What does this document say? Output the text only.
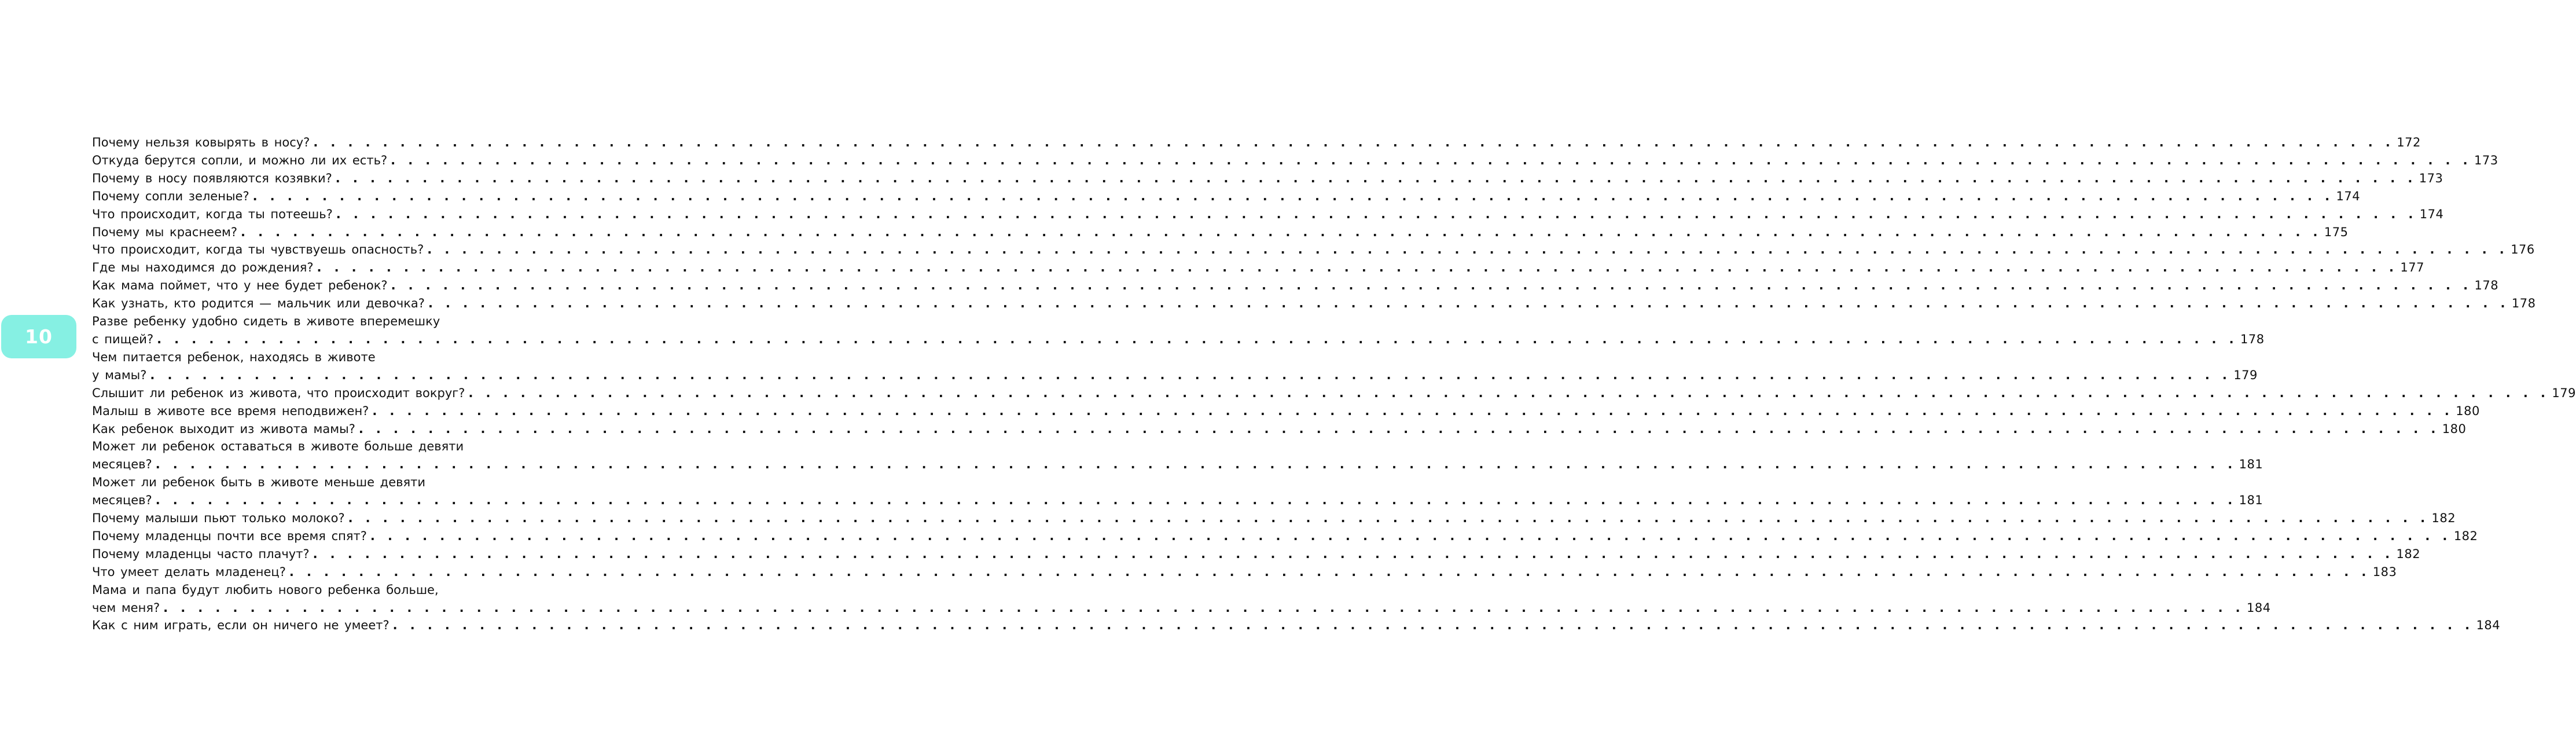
10
Почему нельзя ковырять в носу? . . . . . . . . . . . . . . . . . . . . . . . . . . . . . . . . . . . . . . . . . . . . . . . . . . . . . . . . . . . . . . . . . . . . . . . . . . . . . . . . . . . . . . . . . . . . . . . . . . . . . . . . . . . . . . . . . . . . . . . . 172
Откуда берутся сопли, и можно ли их есть? . . . . . . . . . . . . . . . . . . . . . . . . . . . . . . . . . . . . . . . . . . . . . . . . . . . . . . . . . . . . . . . . . . . . . . . . . . . . . . . . . . . . . . . . . . . . . . . . . . . . . . . . . . . . . . . . . . . . . . . . 173
Почему в носу появляются козявки? . . . . . . . . . . . . . . . . . . . . . . . . . . . . . . . . . . . . . . . . . . . . . . . . . . . . . . . . . . . . . . . . . . . . . . . . . . . . . . . . . . . . . . . . . . . . . . . . . . . . . . . . . . . . . . . . . . . . . . . . 173
Почему сопли зеленые? . . . . . . . . . . . . . . . . . . . . . . . . . . . . . . . . . . . . . . . . . . . . . . . . . . . . . . . . . . . . . . . . . . . . . . . . . . . . . . . . . . . . . . . . . . . . . . . . . . . . . . . . . . . . . . . . . . . . . . . . 174
Что происходит, когда ты потеешь? . . . . . . . . . . . . . . . . . . . . . . . . . . . . . . . . . . . . . . . . . . . . . . . . . . . . . . . . . . . . . . . . . . . . . . . . . . . . . . . . . . . . . . . . . . . . . . . . . . . . . . . . . . . . . . . . . . . . . . . . 174
Почему мы краснеем? . . . . . . . . . . . . . . . . . . . . . . . . . . . . . . . . . . . . . . . . . . . . . . . . . . . . . . . . . . . . . . . . . . . . . . . . . . . . . . . . . . . . . . . . . . . . . . . . . . . . . . . . . . . . . . . . . . . . . . . . 175
Что происходит, когда ты чувствуешь опасность? . . . . . . . . . . . . . . . . . . . . . . . . . . . . . . . . . . . . . . . . . . . . . . . . . . . . . . . . . . . . . . . . . . . . . . . . . . . . . . . . . . . . . . . . . . . . . . . . . . . . . . . . . . . . . . . . . . . . . . . . 176
Где мы находимся до рождения? . . . . . . . . . . . . . . . . . . . . . . . . . . . . . . . . . . . . . . . . . . . . . . . . . . . . . . . . . . . . . . . . . . . . . . . . . . . . . . . . . . . . . . . . . . . . . . . . . . . . . . . . . . . . . . . . . . . . . . . . 177
Как мама поймет, что у нее будет ребенок? . . . . . . . . . . . . . . . . . . . . . . . . . . . . . . . . . . . . . . . . . . . . . . . . . . . . . . . . . . . . . . . . . . . . . . . . . . . . . . . . . . . . . . . . . . . . . . . . . . . . . . . . . . . . . . . . . . . . . . . . 178
Как узнать, кто родится — мальчик или девочка? . . . . . . . . . . . . . . . . . . . . . . . . . . . . . . . . . . . . . . . . . . . . . . . . . . . . . . . . . . . . . . . . . . . . . . . . . . . . . . . . . . . . . . . . . . . . . . . . . . . . . . . . . . . . . . . . . . . . . . . . 178
Разве ребенку удобно сидеть в животе вперемешку
с пищей? . . . . . . . . . . . . . . . . . . . . . . . . . . . . . . . . . . . . . . . . . . . . . . . . . . . . . . . . . . . . . . . . . . . . . . . . . . . . . . . . . . . . . . . . . . . . . . . . . . . . . . . . . . . . . . . . . . . . . . . . 178
Чем питается ребенок, находясь в животе
у мамы? . . . . . . . . . . . . . . . . . . . . . . . . . . . . . . . . . . . . . . . . . . . . . . . . . . . . . . . . . . . . . . . . . . . . . . . . . . . . . . . . . . . . . . . . . . . . . . . . . . . . . . . . . . . . . . . . . . . . . . . . 179
Слышит ли ребенок из живота, что происходит вокруг? . . . . . . . . . . . . . . . . . . . . . . . . . . . . . . . . . . . . . . . . . . . . . . . . . . . . . . . . . . . . . . . . . . . . . . . . . . . . . . . . . . . . . . . . . . . . . . . . . . . . . . . . . . . . . . . . . . . . . . . . 179
Малыш в животе все время неподвижен? . . . . . . . . . . . . . . . . . . . . . . . . . . . . . . . . . . . . . . . . . . . . . . . . . . . . . . . . . . . . . . . . . . . . . . . . . . . . . . . . . . . . . . . . . . . . . . . . . . . . . . . . . . . . . . . . . . . . . . . . 180
Как ребенок выходит из живота мамы? . . . . . . . . . . . . . . . . . . . . . . . . . . . . . . . . . . . . . . . . . . . . . . . . . . . . . . . . . . . . . . . . . . . . . . . . . . . . . . . . . . . . . . . . . . . . . . . . . . . . . . . . . . . . . . . . . . . . . . . . 180
Может ли ребенок оставаться в животе больше девяти
месяцев? . . . . . . . . . . . . . . . . . . . . . . . . . . . . . . . . . . . . . . . . . . . . . . . . . . . . . . . . . . . . . . . . . . . . . . . . . . . . . . . . . . . . . . . . . . . . . . . . . . . . . . . . . . . . . . . . . . . . . . . . 181
Может ли ребенок быть в животе меньше девяти
месяцев? . . . . . . . . . . . . . . . . . . . . . . . . . . . . . . . . . . . . . . . . . . . . . . . . . . . . . . . . . . . . . . . . . . . . . . . . . . . . . . . . . . . . . . . . . . . . . . . . . . . . . . . . . . . . . . . . . . . . . . . . 181
Почему малыши пьют только молоко? . . . . . . . . . . . . . . . . . . . . . . . . . . . . . . . . . . . . . . . . . . . . . . . . . . . . . . . . . . . . . . . . . . . . . . . . . . . . . . . . . . . . . . . . . . . . . . . . . . . . . . . . . . . . . . . . . . . . . . . . 182
Почему младенцы почти все время спят? . . . . . . . . . . . . . . . . . . . . . . . . . . . . . . . . . . . . . . . . . . . . . . . . . . . . . . . . . . . . . . . . . . . . . . . . . . . . . . . . . . . . . . . . . . . . . . . . . . . . . . . . . . . . . . . . . . . . . . . . 182
Почему младенцы часто плачут? . . . . . . . . . . . . . . . . . . . . . . . . . . . . . . . . . . . . . . . . . . . . . . . . . . . . . . . . . . . . . . . . . . . . . . . . . . . . . . . . . . . . . . . . . . . . . . . . . . . . . . . . . . . . . . . . . . . . . . . . 182
Что умеет делать младенец? . . . . . . . . . . . . . . . . . . . . . . . . . . . . . . . . . . . . . . . . . . . . . . . . . . . . . . . . . . . . . . . . . . . . . . . . . . . . . . . . . . . . . . . . . . . . . . . . . . . . . . . . . . . . . . . . . . . . . . . . 183
Мама и папа будут любить нового ребенка больше,
чем меня? . . . . . . . . . . . . . . . . . . . . . . . . . . . . . . . . . . . . . . . . . . . . . . . . . . . . . . . . . . . . . . . . . . . . . . . . . . . . . . . . . . . . . . . . . . . . . . . . . . . . . . . . . . . . . . . . . . . . . . . . 184
Как с ним играть, если он ничего не умеет? . . . . . . . . . . . . . . . . . . . . . . . . . . . . . . . . . . . . . . . . . . . . . . . . . . . . . . . . . . . . . . . . . . . . . . . . . . . . . . . . . . . . . . . . . . . . . . . . . . . . . . . . . . . . . . . . . . . . . . . . 184
